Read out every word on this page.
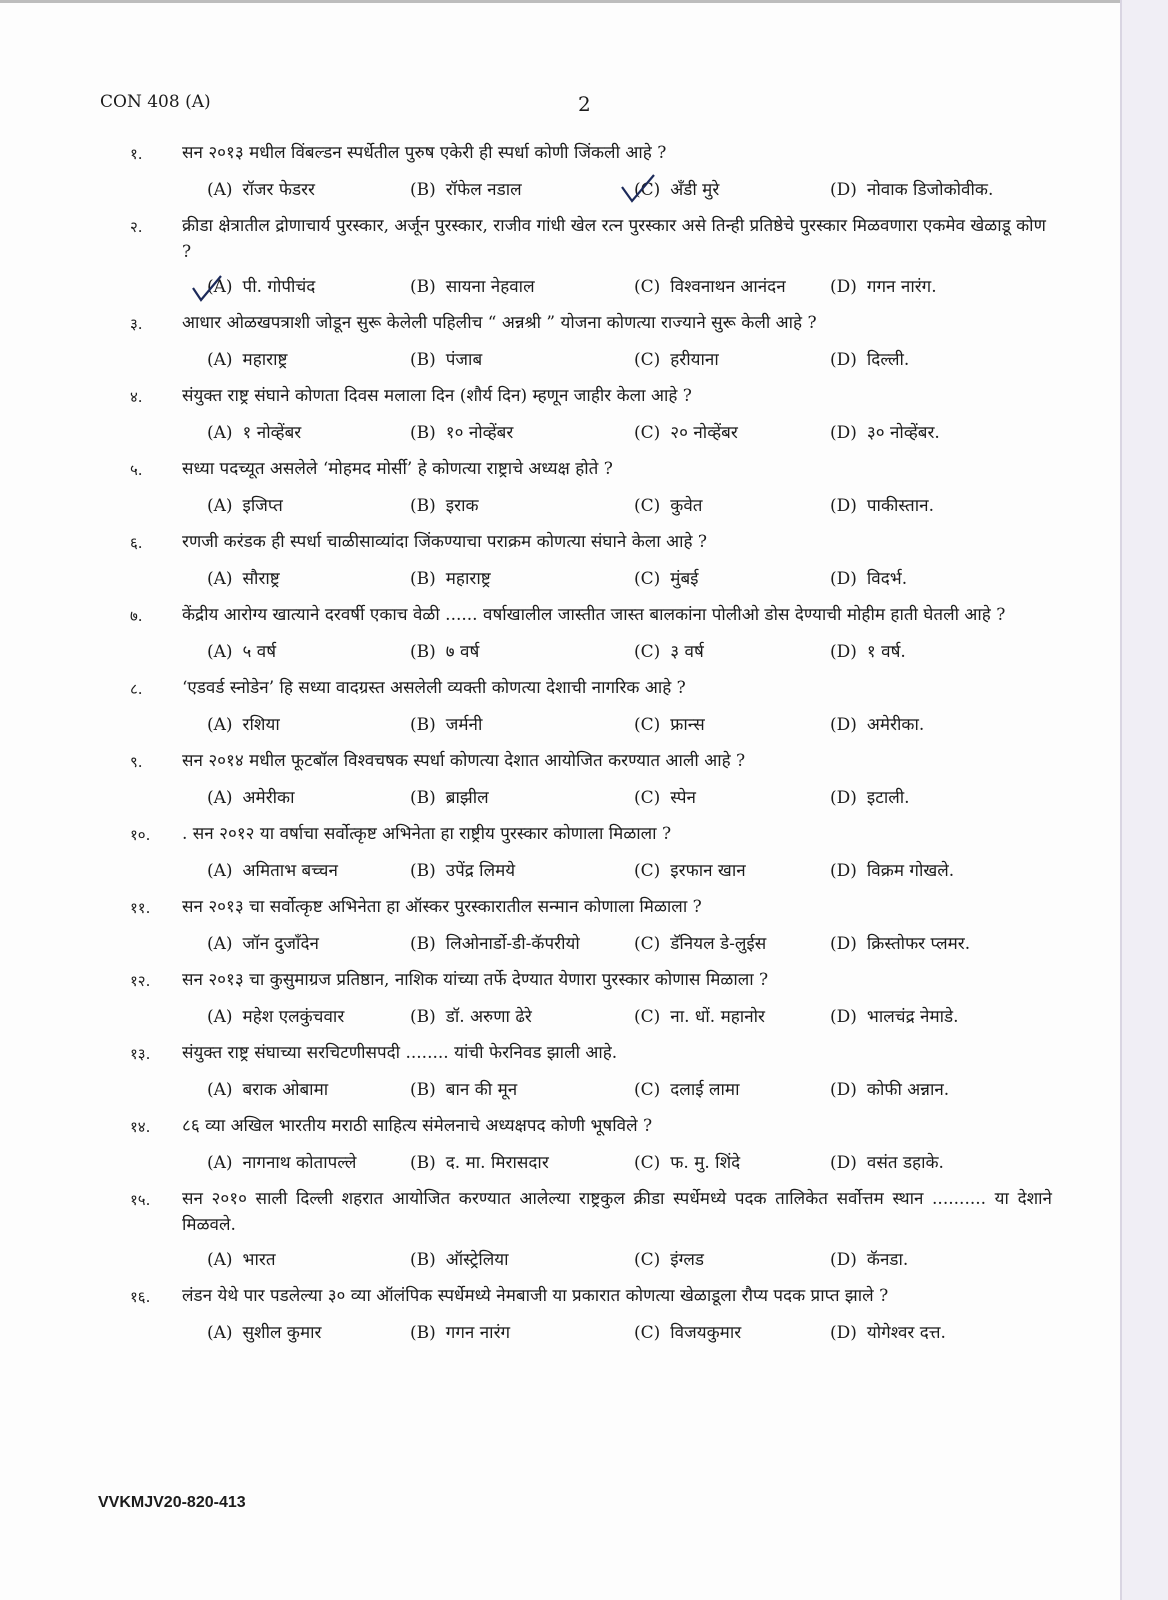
CON 408 (A)	2
१.	सन २०१३ मधील विंबल्डन स्पर्धेतील पुरुष एकेरी ही स्पर्धा कोणी जिंकली आहे ?
(A) रॉजर फेडरर	(B) रॉफेल नडाल	(C) अँडी मुरे	(D) नोवाक डिजोकोवीक.
२.	क्रीडा क्षेत्रातील द्रोणाचार्य पुरस्कार, अर्जून पुरस्कार, राजीव गांधी खेल रत्न पुरस्कार असे तिन्ही प्रतिष्ठेचे पुरस्कार मिळवणारा एकमेव खेळाडू कोण ?
(A) पी. गोपीचंद	(B) सायना नेहवाल	(C) विश्वनाथन आनंदन	(D) गगन नारंग.
३.	आधार ओळखपत्राशी जोडून सुरू केलेली पहिलीच “ अन्नश्री ” योजना कोणत्या राज्याने सुरू केली आहे ?
(A) महाराष्ट्र	(B) पंजाब	(C) हरीयाना	(D) दिल्ली.
४.	संयुक्त राष्ट्र संघाने कोणता दिवस मलाला दिन (शौर्य दिन) म्हणून जाहीर केला आहे ?
(A) १ नोव्हेंबर	(B) १० नोव्हेंबर	(C) २० नोव्हेंबर	(D) ३० नोव्हेंबर.
५.	सध्या पदच्यूत असलेले ‘मोहमद मोर्सी’ हे कोणत्या राष्ट्राचे अध्यक्ष होते ?
(A) इजिप्त	(B) इराक	(C) कुवेत	(D) पाकीस्तान.
६.	रणजी करंडक ही स्पर्धा चाळीसाव्यांदा जिंकण्याचा पराक्रम कोणत्या संघाने केला आहे ?
(A) सौराष्ट्र	(B) महाराष्ट्र	(C) मुंबई	(D) विदर्भ.
७.	केंद्रीय आरोग्य खात्याने दरवर्षी एकाच वेळी ...... वर्षाखालील जास्तीत जास्त बालकांना पोलीओ डोस देण्याची मोहीम हाती घेतली आहे ?
(A) ५ वर्ष	(B) ७ वर्ष	(C) ३ वर्ष	(D) १ वर्ष.
८.	‘एडवर्ड स्नोडेन’ हि सध्या वादग्रस्त असलेली व्यक्ती कोणत्या देशाची नागरिक आहे ?
(A) रशिया	(B) जर्मनी	(C) फ्रान्स	(D) अमेरीका.
९.	सन २०१४ मधील फूटबॉल विश्वचषक स्पर्धा कोणत्या देशात आयोजित करण्यात आली आहे ?
(A) अमेरीका	(B) ब्राझील	(C) स्पेन	(D) इटाली.
१०.	. सन २०१२ या वर्षाचा सर्वोत्कृष्ट अभिनेता हा राष्ट्रीय पुरस्कार कोणाला मिळाला ?
(A) अमिताभ बच्चन	(B) उपेंद्र लिमये	(C) इरफान खान	(D) विक्रम गोखले.
११.	सन २०१३ चा सर्वोत्कृष्ट अभिनेता हा ऑस्कर पुरस्कारातील सन्मान कोणाला मिळाला ?
(A) जॉन दुजाँदेन	(B) लिओनार्डो-डी-कॅपरीयो	(C) डॅनियल डे-लुईस	(D) क्रिस्तोफर प्लमर.
१२.	सन २०१३ चा कुसुमाग्रज प्रतिष्ठान, नाशिक यांच्या तर्फे देण्यात येणारा पुरस्कार कोणास मिळाला ?
(A) महेश एलकुंचवार	(B) डॉ. अरुणा ढेरे	(C) ना. धों. महानोर	(D) भालचंद्र नेमाडे.
१३.	संयुक्त राष्ट्र संघाच्या सरचिटणीसपदी ........ यांची फेरनिवड झाली आहे.
(A) बराक ओबामा	(B) बान की मून	(C) दलाई लामा	(D) कोफी अन्नान.
१४.	८६ व्या अखिल भारतीय मराठी साहित्य संमेलनाचे अध्यक्षपद कोणी भूषविले ?
(A) नागनाथ कोतापल्ले	(B) द. मा. मिरासदार	(C) फ. मु. शिंदे	(D) वसंत डहाके.
१५.	सन २०१० साली दिल्ली शहरात आयोजित करण्यात आलेल्या राष्ट्रकुल क्रीडा स्पर्धेमध्ये पदक तालिकेत सर्वोत्तम स्थान .......... या देशाने मिळवले.
(A) भारत	(B) ऑस्ट्रेलिया	(C) इंग्लड	(D) कॅनडा.
१६.	लंडन येथे पार पडलेल्या ३० व्या ऑलंपिक स्पर्धेमध्ये नेमबाजी या प्रकारात कोणत्या खेळाडूला रौप्य पदक प्राप्त झाले ?
(A) सुशील कुमार	(B) गगन नारंग	(C) विजयकुमार	(D) योगेश्वर दत्त.
VVKMJV20-820-413
